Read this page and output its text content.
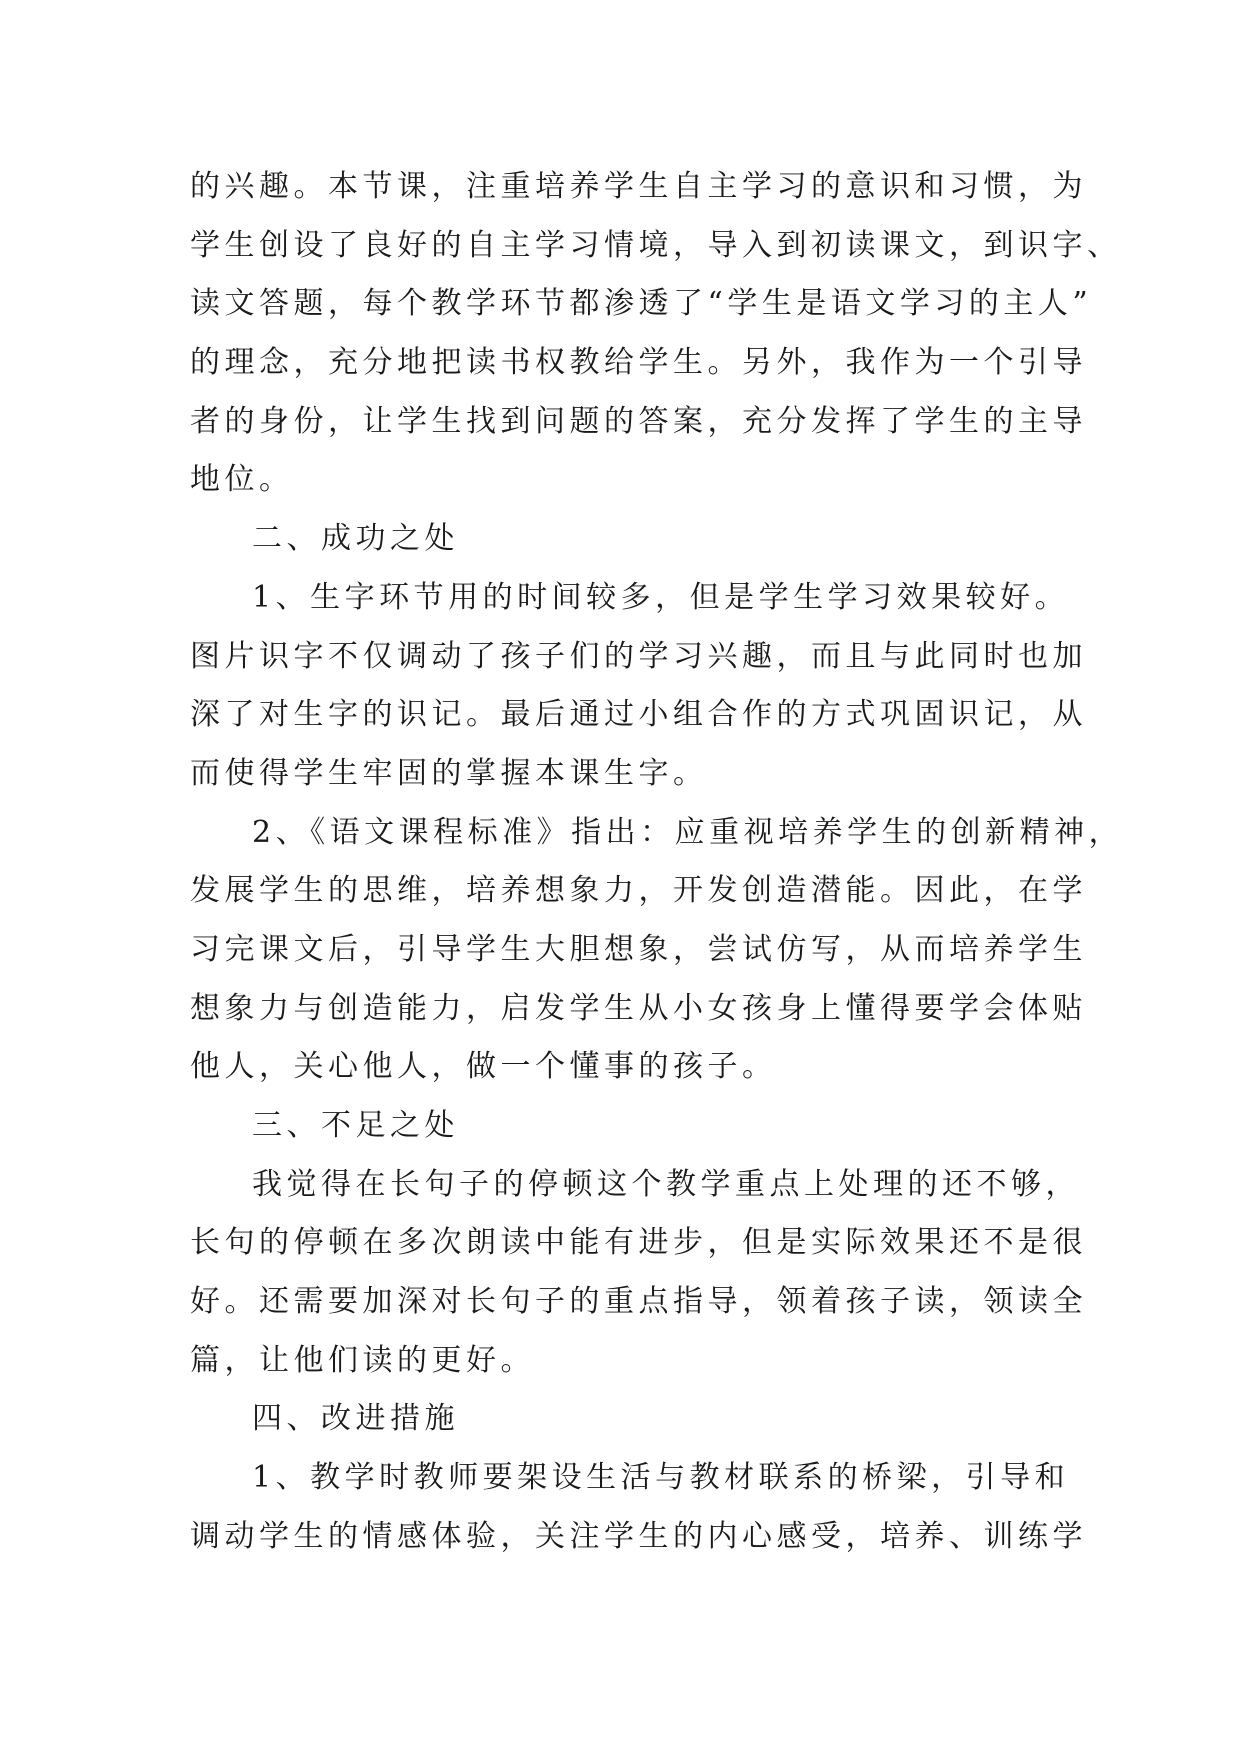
的兴趣。本节课，注重培养学生自主学习的意识和习惯，为
学生创设了良好的自主学习情境，导入到初读课文，到识字、
读文答题，每个教学环节都渗透了“学生是语文学习的主人”
的理念，充分地把读书权教给学生。另外，我作为一个引导
者的身份，让学生找到问题的答案，充分发挥了学生的主导
地位。
二、成功之处
1、生字环节用的时间较多，但是学生学习效果较好。
图片识字不仅调动了孩子们的学习兴趣，而且与此同时也加
深了对生字的识记。最后通过小组合作的方式巩固识记，从
而使得学生牢固的掌握本课生字。
2、《语文课程标准》指出：应重视培养学生的创新精神，
发展学生的思维，培养想象力，开发创造潜能。因此，在学
习完课文后，引导学生大胆想象，尝试仿写，从而培养学生
想象力与创造能力，启发学生从小女孩身上懂得要学会体贴
他人，关心他人，做一个懂事的孩子。
三、不足之处
我觉得在长句子的停顿这个教学重点上处理的还不够，
长句的停顿在多次朗读中能有进步，但是实际效果还不是很
好。还需要加深对长句子的重点指导，领着孩子读，领读全
篇，让他们读的更好。
四、改进措施
1、教学时教师要架设生活与教材联系的桥梁，引导和
调动学生的情感体验，关注学生的内心感受，培养、训练学
